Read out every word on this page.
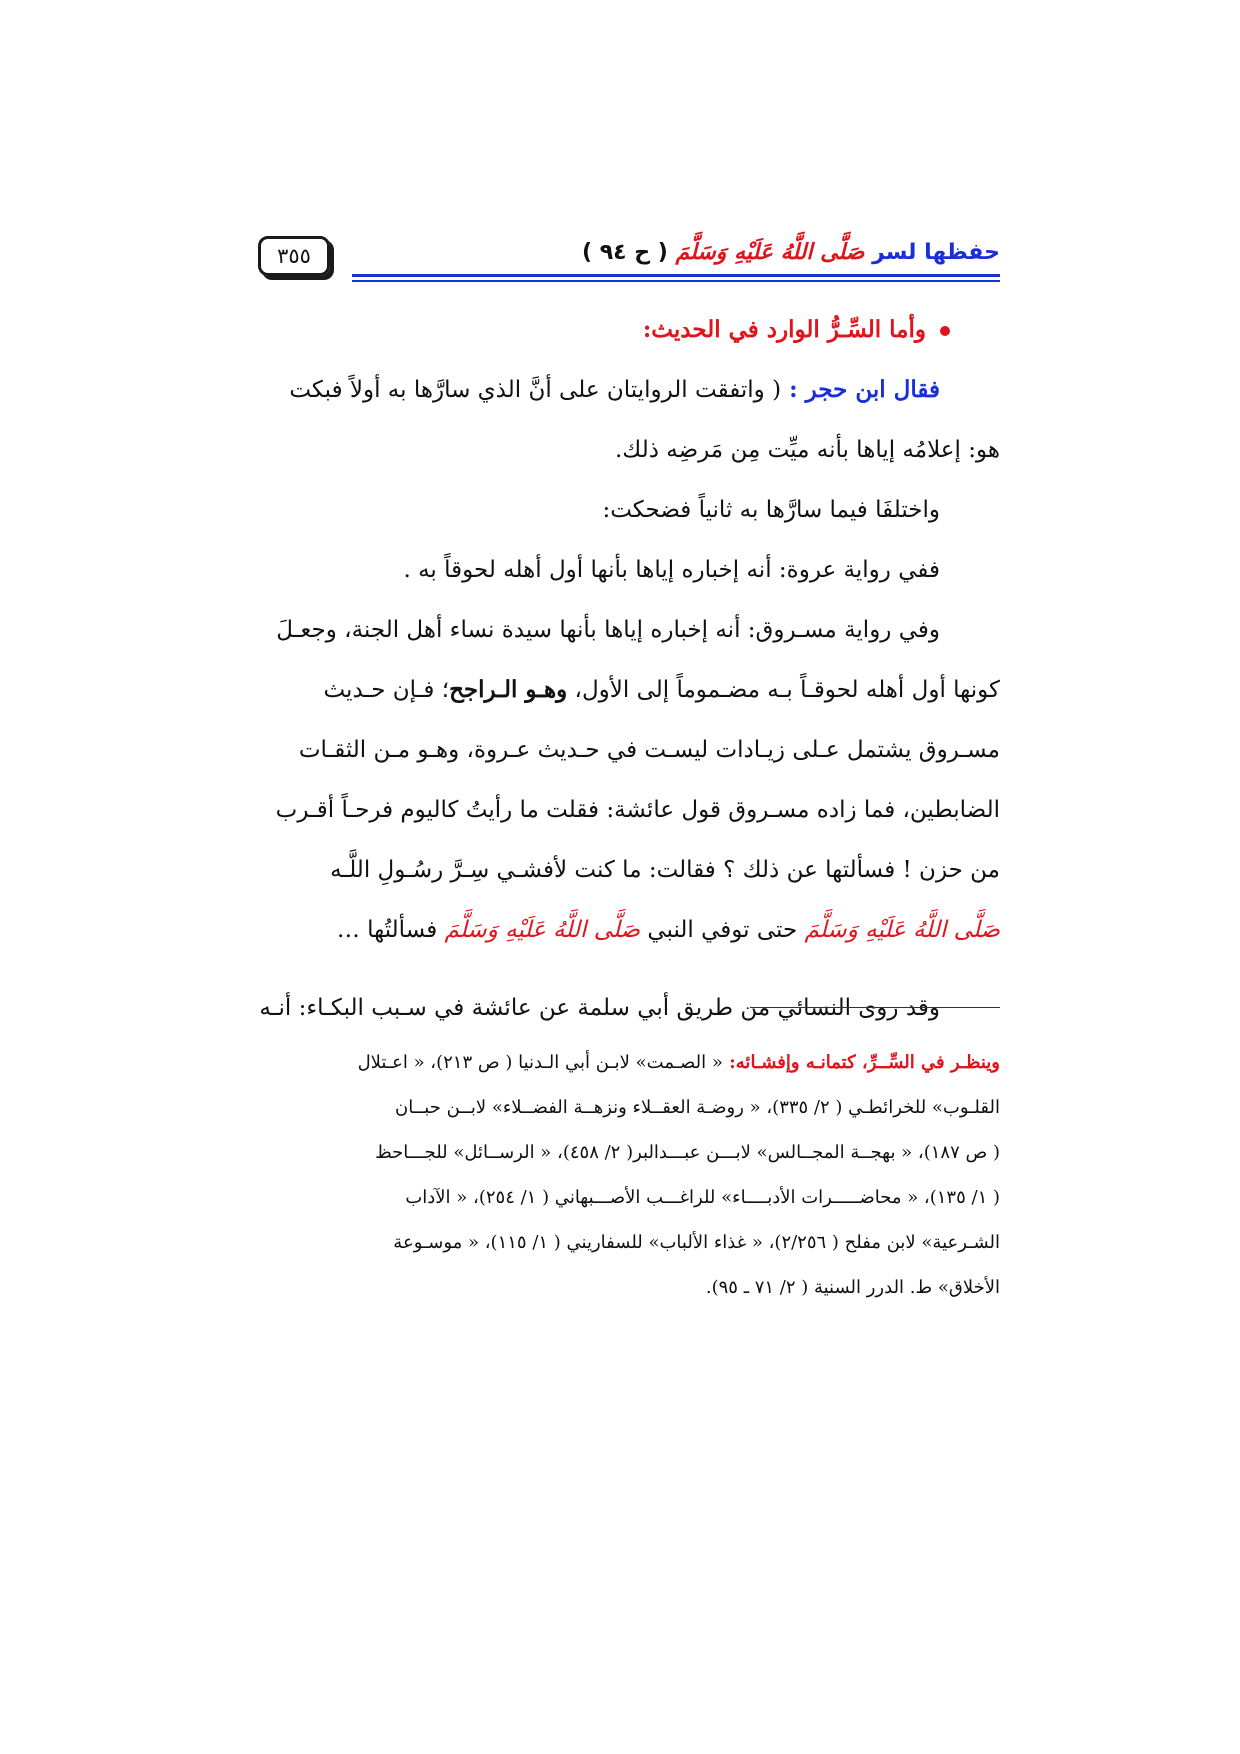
٣٥٥	حفظها لسر صَلَّى اللَّهُ عَلَيْهِ وَسَلَّمَ ( ح ٩٤ )
وأما السِّـرُّ الوارد في الحديث:
فقال ابن حجر : ( واتفقت الروايتان على أنَّ الذي سارَّها به أولاً فبكت
هو: إعلامُه إياها بأنه ميِّت مِن مَرضِه ذلك.
واختلفَا فيما سارَّها به ثانياً فضحكت:
ففي رواية عروة: أنه إخباره إياها بأنها أول أهله لحوقاً به .
وفي رواية مسـروق: أنه إخباره إياها بأنها سيدة نساء أهل الجنة، وجعـلَ
كونها أول أهله لحوقـاً بـه مضـموماً إلى الأول، وهـو الـراجح؛ فـإن حـديث
مسـروق يشتمل عـلى زيـادات ليسـت في حـديث عـروة، وهـو مـن الثقـات
الضابطين، فما زاده مسـروق قول عائشة: فقلت ما رأيتُ كاليوم فرحـاً أقـرب
من حزن ! فسألتها عن ذلك ؟ فقالت: ما كنت لأفشـي سِـرَّ رسُـولِ اللَّـه
صَلَّى اللَّهُ عَلَيْهِ وَسَلَّمَ حتى توفي النبي صَلَّى اللَّهُ عَلَيْهِ وَسَلَّمَ فسألتُها …
وقد روى النسائي من طريق أبي سلمة عن عائشة في سـبب البكـاء: أنـه
وينظـر في السِّــرِّ، كتمانـه وإفشـائه: « الصـمت» لابـن أبي الـدنيا ( ص ٢١٣)، « اعـتلال
القلـوب» للخرائطـي ( ٢/ ٣٣٥)، « روضـة العقــلاء ونزهــة الفضــلاء» لابــن حبــان
( ص ١٨٧)، « بهجــة المجــالس» لابـــن عبـــدالبر( ٢/ ٤٥٨)، « الرســائل» للجـــاحظ
( ١/ ١٣٥)، « محاضـــــرات الأدبــــاء» للراغـــب الأصـــبهاني ( ١/ ٢٥٤)، « الآداب
الشـرعية» لابن مفلح ( ٢/٢٥٦)، « غذاء الألباب» للسفاريني ( ١/ ١١٥)، « موسـوعة
الأخلاق» ط. الدرر السنية ( ٢/ ٧١ ـ ٩٥).
